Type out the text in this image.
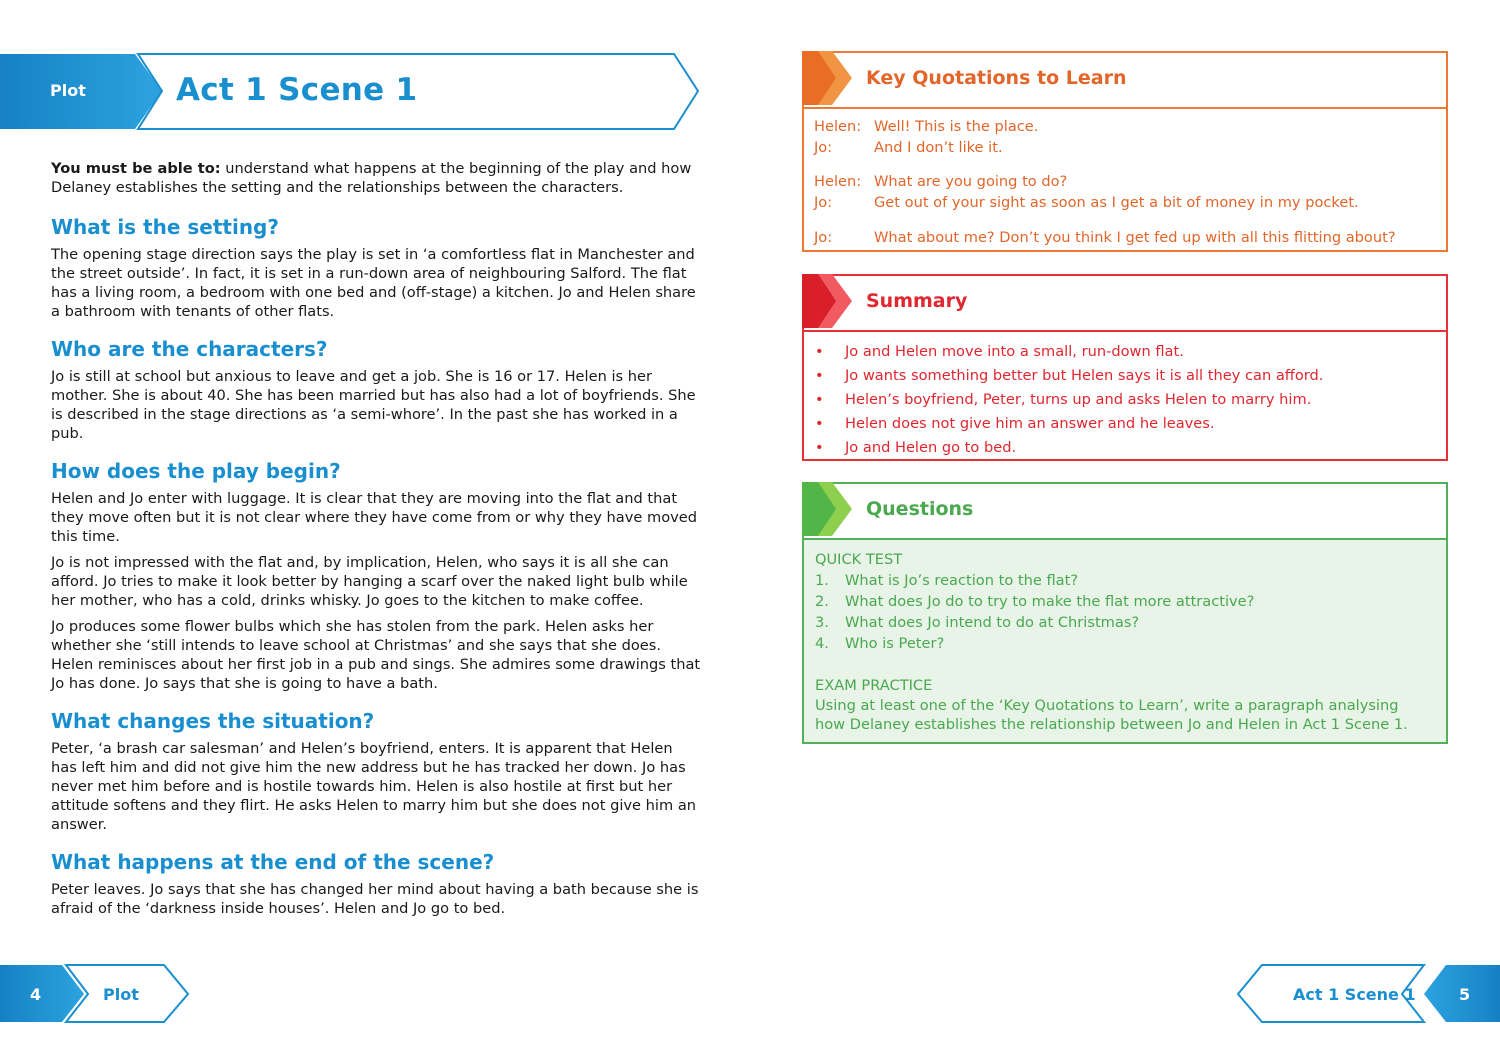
Plot	Act 1 Scene 1

You must be able to: understand what happens at the beginning of the play and how Delaney establishes the setting and the relationships between the characters.

What is the setting?

The opening stage direction says the play is set in ‘a comfortless flat in Manchester and the street outside’. In fact, it is set in a run-down area of neighbouring Salford. The flat has a living room, a bedroom with one bed and (off-stage) a kitchen. Jo and Helen share a bathroom with tenants of other flats.

Who are the characters?

Jo is still at school but anxious to leave and get a job. She is 16 or 17. Helen is her mother. She is about 40. She has been married but has also had a lot of boyfriends. She is described in the stage directions as ‘a semi-whore’. In the past she has worked in a pub.

How does the play begin?

Helen and Jo enter with luggage. It is clear that they are moving into the flat and that they move often but it is not clear where they have come from or why they have moved this time.

Jo is not impressed with the flat and, by implication, Helen, who says it is all she can afford. Jo tries to make it look better by hanging a scarf over the naked light bulb while her mother, who has a cold, drinks whisky. Jo goes to the kitchen to make coffee.

Jo produces some flower bulbs which she has stolen from the park. Helen asks her whether she ‘still intends to leave school at Christmas’ and she says that she does. Helen reminisces about her first job in a pub and sings. She admires some drawings that Jo has done. Jo says that she is going to have a bath.

What changes the situation?

Peter, ‘a brash car salesman’ and Helen’s boyfriend, enters. It is apparent that Helen has left him and did not give him the new address but he has tracked her down. Jo has never met him before and is hostile towards him. Helen is also hostile at first but her attitude softens and they flirt. He asks Helen to marry him but she does not give him an answer.

What happens at the end of the scene?

Peter leaves. Jo says that she has changed her mind about having a bath because she is afraid of the ‘darkness inside houses’. Helen and Jo go to bed.

Key Quotations to Learn
Helen: Well! This is the place.
Jo:	And I don’t like it.
Helen: What are you going to do?
Jo:	Get out of your sight as soon as I get a bit of money in my pocket.
Jo:	What about me? Don’t you think I get fed up with all this flitting about?
Summary
• Jo and Helen move into a small, run-down flat.
• Jo wants something better but Helen says it is all they can afford.
• Helen’s boyfriend, Peter, turns up and asks Helen to marry him.
• Helen does not give him an answer and he leaves.
• Jo and Helen go to bed.
Questions
QUICK TEST
1. What is Jo’s reaction to the flat?
2. What does Jo do to try to make the flat more attractive?
3. What does Jo intend to do at Christmas?
4. Who is Peter?
EXAM PRACTICE
Using at least one of the ‘Key Quotations to Learn’, write a paragraph analysing how Delaney establishes the relationship between Jo and Helen in Act 1 Scene 1.
4	Plot	Act 1 Scene 1	5
